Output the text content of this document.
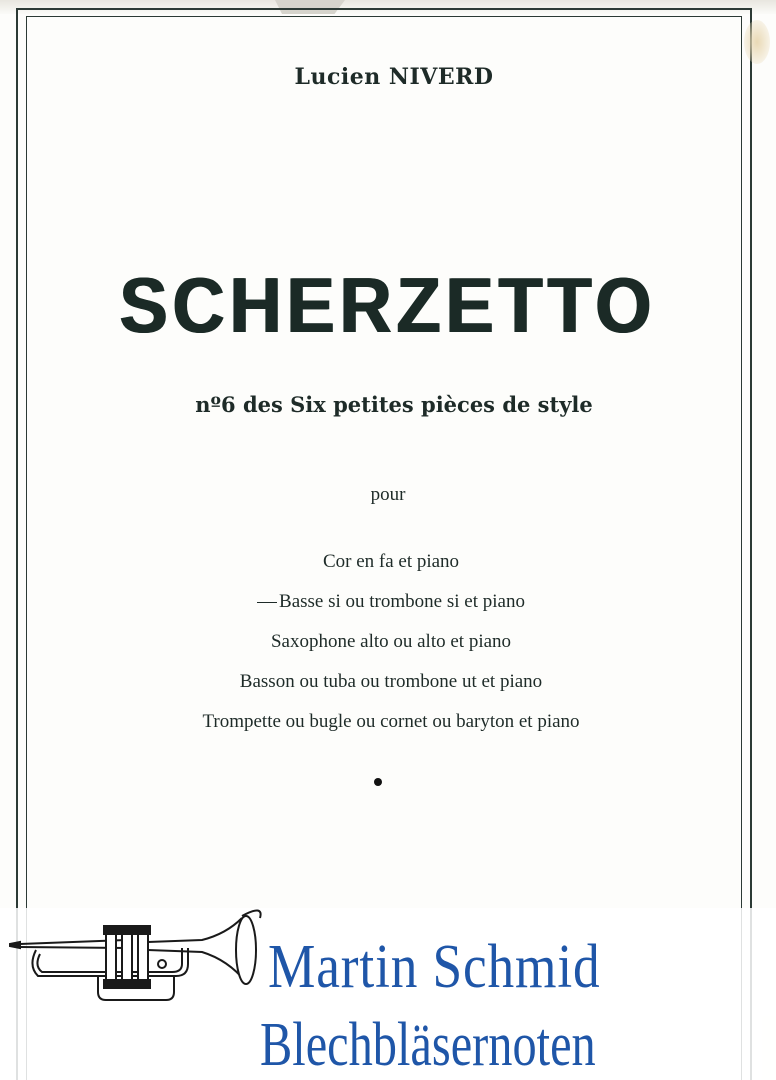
Lucien NIVERD
SCHERZETTO
nº6 des Six petites pièces de style
pour
Cor en fa et piano
Basse si ou trombone si et piano
Saxophone alto ou alto et piano
Basson ou tuba ou trombone ut et piano
Trompette ou bugle ou cornet ou baryton et piano
Martin Schmid
Blechbläsernoten
